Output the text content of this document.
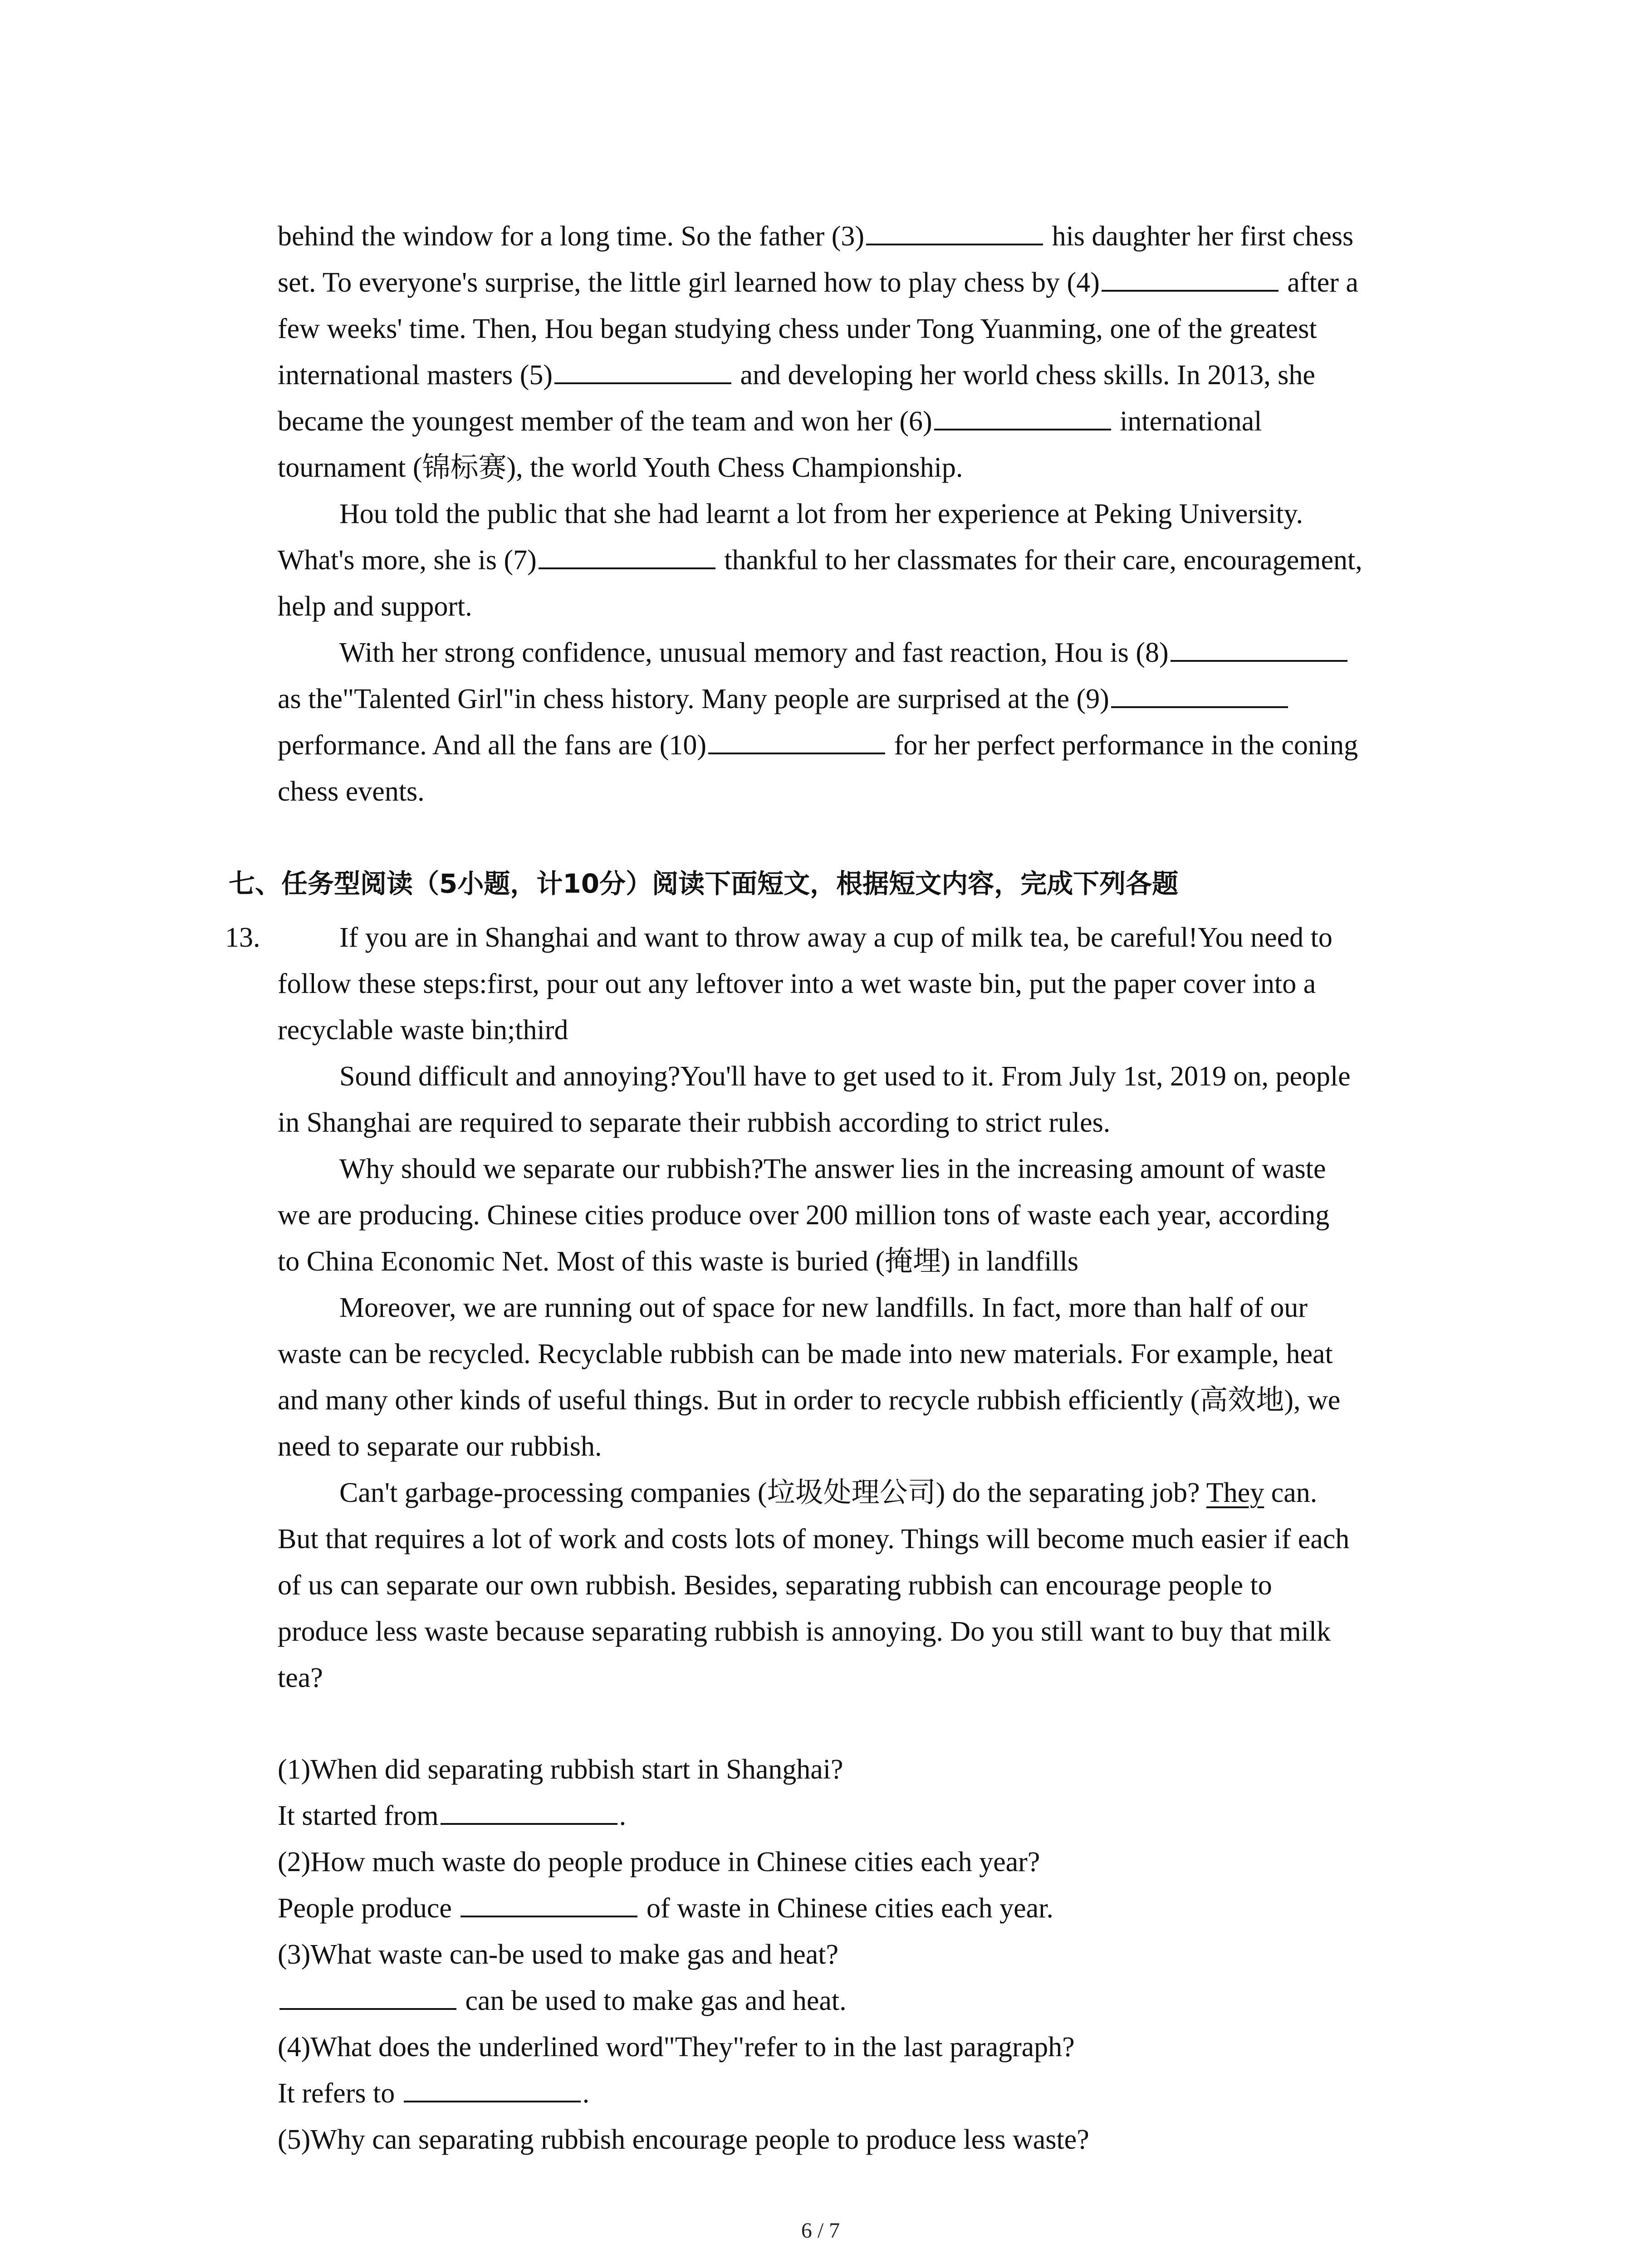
behind the window for a long time. So the father (3)	his daughter her first chess

set. To everyone's surprise, the little girl learned how to play chess by (4)	after a

few weeks' time. Then, Hou began studying chess under Tong Yuanming, one of the greatest

international masters (5)	and developing her world chess skills. In 2013, she

became the youngest member of the team and won her (6)	international

tournament (锦标赛), the world Youth Chess Championship.

Hou told the public that she had learnt a lot from her experience at Peking University.

What's more, she is (7)	thankful to her classmates for their care, encouragement,

help and support.

With her strong confidence, unusual memory and fast reaction, Hou is (8)

as the"Talented Girl"in chess history. Many people are surprised at the (9)

performance. And all the fans are (10)	for her perfect performance in the coning

chess events.

七、任务型阅读（5小题，计10分）阅读下面短文，根据短文内容，完成下列各题

13.	If you are in Shanghai and want to throw away a cup of milk tea, be careful!You need to

follow these steps:first, pour out any leftover into a wet waste bin, put the paper cover into a

recyclable waste bin;third

Sound difficult and annoying?You'll have to get used to it. From July 1st, 2019 on, people

in Shanghai are required to separate their rubbish according to strict rules.

Why should we separate our rubbish?The answer lies in the increasing amount of waste

we are producing. Chinese cities produce over 200 million tons of waste each year, according

to China Economic Net. Most of this waste is buried (掩埋) in landfills

Moreover, we are running out of space for new landfills. In fact, more than half of our

waste can be recycled. Recyclable rubbish can be made into new materials. For example, heat

and many other kinds of useful things. But in order to recycle rubbish efficiently (高效地), we

need to separate our rubbish.

Can't garbage-processing companies (垃圾处理公司) do the separating job? They can.

But that requires a lot of work and costs lots of money. Things will become much easier if each

of us can separate our own rubbish. Besides, separating rubbish can encourage people to

produce less waste because separating rubbish is annoying. Do you still want to buy that milk

tea?

(1)When did separating rubbish start in Shanghai?
It started from	.
(2)How much waste do people produce in Chinese cities each year?
People produce	of waste in Chinese cities each year.
(3)What waste can-be used to make gas and heat?
can be used to make gas and heat.
(4)What does the underlined word"They"refer to in the last paragraph?
It refers to	.
(5)Why can separating rubbish encourage people to produce less waste?

6 / 7
